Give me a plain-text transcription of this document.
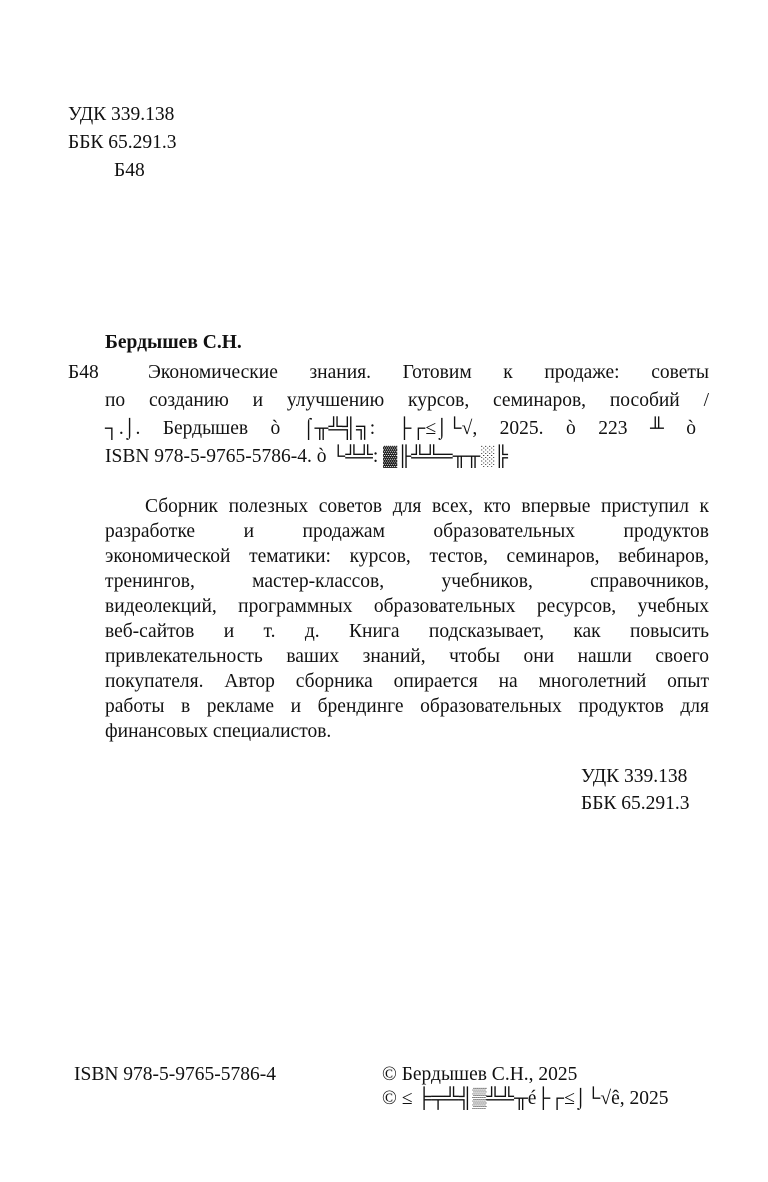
УДК 339.138
ББК 65.291.3
Б48
Бердышев С.Н.
Б48	Экономические знания. Готовим к продаже: советы
по созданию и улучшению курсов, семинаров, пособий /
┐.⌡. Бердышев ò ⌠╥╩╣╗: ├┌≤⌡└√, 2025. ò 223 ╨ ò
ISBN 978-5-9765-5786-4. ò └╩╩: ▓╟╩╩═╥╥░╠
Сборник полезных советов для всех, кто впервые приступил к
разработке и продажам образовательных продуктов
экономической тематики: курсов, тестов, семинаров, вебинаров,
тренингов, мастер-классов, учебников, справочников,
видеолекций, программных образовательных ресурсов, учебных
веб-сайтов и т. д. Книга подсказывает, как повысить
привлекательность ваших знаний, чтобы они нашли своего
покупателя. Автор сборника опирается на многолетний опыт
работы в рекламе и брендинге образовательных продуктов для
финансовых специалистов.
УДК 339.138
ББК 65.291.3
ISBN 978-5-9765-5786-4	© Бердышев С.Н., 2025
© ≤ ╞╤╩╣▒╩╩╥é├┌≤⌡└√ê, 2025
